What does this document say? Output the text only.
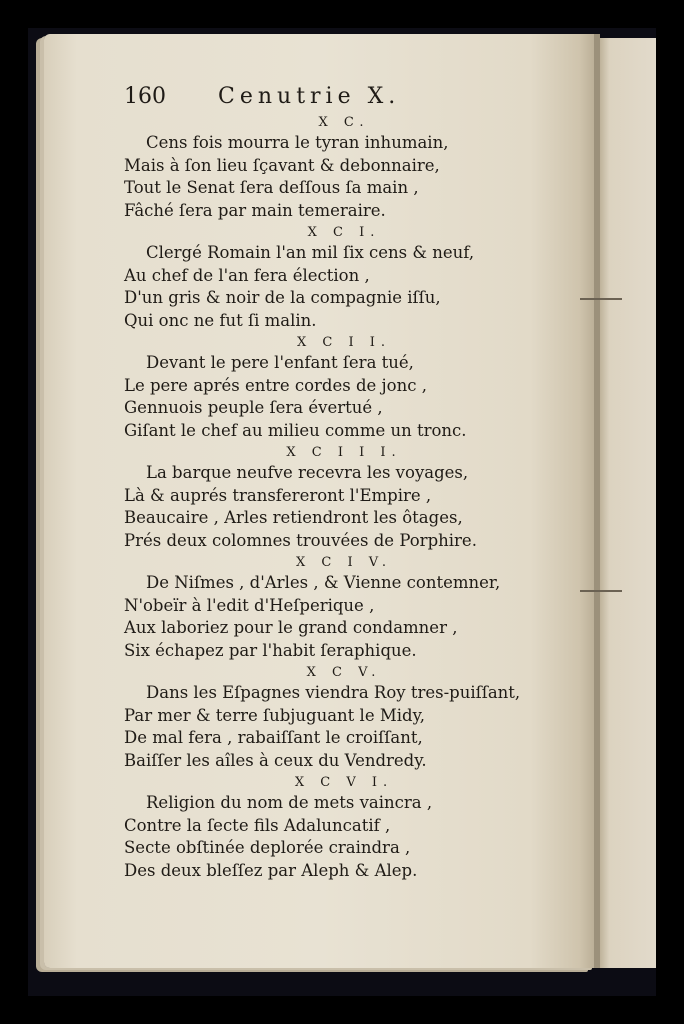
160 Cenutrie X.
X C.
Cens fois mourra le tyran inhumain,
Mais à ſon lieu ſçavant & debonnaire,
Tout le Senat ſera deſſous ſa main ,
Fâché ſera par main temeraire.
X C I.
Clergé Romain l'an mil ſix cens & neuf,
Au chef de l'an fera élection ,
D'un gris & noir de la compagnie iſſu,
Qui onc ne fut ſi malin.
X C I I.
Devant le pere l'enfant ſera tué,
Le pere aprés entre cordes de jonc ,
Gennuois peuple ſera évertué ,
Giſant le chef au milieu comme un tronc.
X C I I I.
La barque neufve recevra les voyages,
Là & auprés transfereront l'Empire ,
Beaucaire , Arles retiendront les ôtages,
Prés deux colomnes trouvées de Porphire.
X C I V.
De Niſmes , d'Arles , & Vienne contemner,
N'obeïr à l'edit d'Heſperique ,
Aux laboriez pour le grand condamner ,
Six échapez par l'habit ſeraphique.
X C V.
Dans les Eſpagnes viendra Roy tres-puiſſant,
Par mer & terre ſubjuguant le Midy,
De mal fera , rabaiſſant le croiſſant,
Baiſſer les aîles à ceux du Vendredy.
X C V I.
Religion du nom de mets vaincra ,
Contre la ſecte fils Adaluncatif ,
Secte obſtinée deplorée craindra ,
Des deux bleſſez par Aleph & Alep.
